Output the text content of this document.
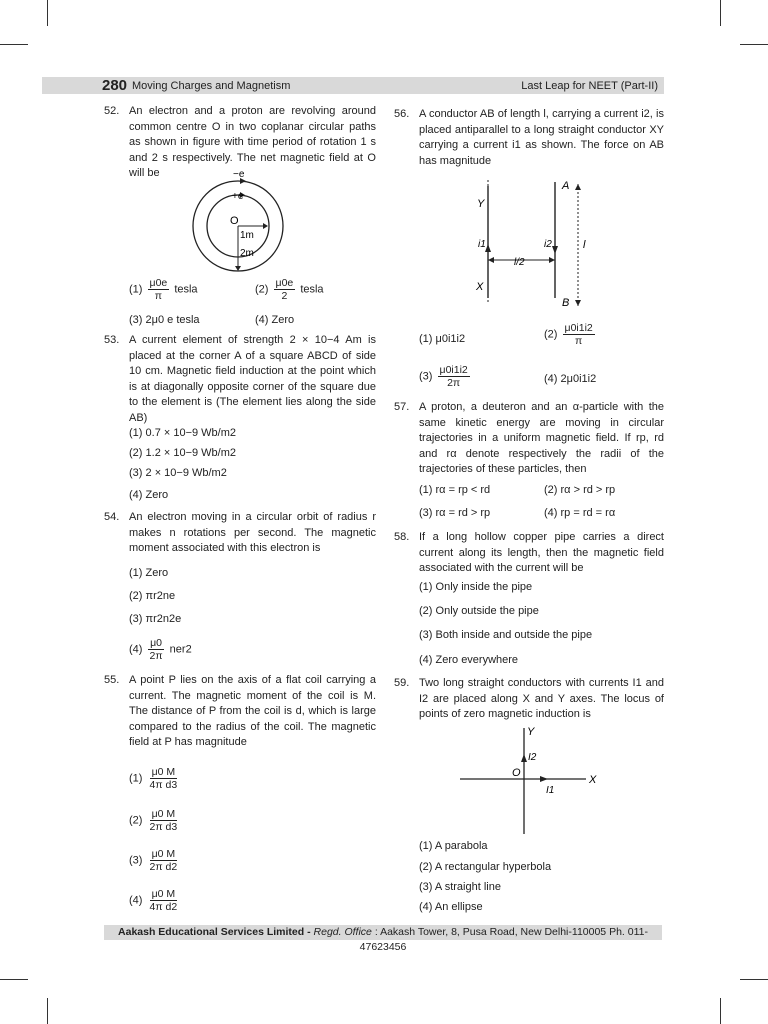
280 Moving Charges and Magnetism	Last Leap for NEET (Part-II)
52. An electron and a proton are revolving around common centre O in two coplanar circular paths as shown in figure with time period of rotation 1 s and 2 s respectively. The net magnetic field at O will be	−e
+e
O
1m
2m
$(1) \frac{\mu 0e}{\pi}$ tesla	$(2) \frac{\mu 0e}{2}$ tesla
(3) 2μ0 e tesla	(4) Zero
53. A current element of strength 2 × 10−4 Am is placed at the corner A of a square ABCD of side 10 cm. Magnetic field induction at the point which is at diagonally opposite corner of the square due to the element is (The element lies along the side AB)
(1) 0.7 × 10−9 Wb/m2
(2) 1.2 × 10−9 Wb/m2
(3) 2 × 10−9 Wb/m2
(4) Zero
54. An electron moving in a circular orbit of radius r makes n rotations per second. The magnetic moment associated with this electron is
(1) Zero
(2) πr2ne
(3) πr2n2e
$(4) \frac{\mu 0}{2\pi} ner2$
55. A point P lies on the axis of a flat coil carrying a current. The magnetic moment of the coil is M. The distance of P from the coil is d, which is large compared to the radius of the coil. The magnetic field at P has magnitude
$(1) \frac{\mu 0 M}{\text{4π d3}}$
$(2) \frac{\mu 0 M}{\text{2π d3}}$
$(3) \frac{\mu 0 M}{\text{2π d2}}$
$(4) \frac{\mu 0 M}{\text{4π d2}}$
56. A conductor AB of length l, carrying a current i2, is placed antiparallel to a long straight conductor XY carrying a current i1 as shown. The force on AB has magnitude
A
B
Y
X
i1	i2	l
l/2
(1) μ0i1i2	$(2) \frac{\mu 0i1i2}{\pi}$
$(3) \frac{\mu 0i1i2}{2\pi}$	(4) 2μ0i1i2
57. A proton, a deuteron and an α-particle with the same kinetic energy are moving in circular trajectories in a uniform magnetic field. If rp, rd and rα denote respectively the radii of the trajectories of these particles, then
(1) rα = rp < rd	(2) rα > rd > rp
(3) rα = rd > rp	(4) rp = rd = rα
58. If a long hollow copper pipe carries a direct current along its length, then the magnetic field associated with the current will be
(1) Only inside the pipe
(2) Only outside the pipe
(3) Both inside and outside the pipe
(4) Zero everywhere
59. Two long straight conductors with currents I1 and I2 are placed along X and Y axes. The locus of points of zero magnetic induction is
Y
X
O
I1
I2
(1) A parabola
(2) A rectangular hyperbola
(3) A straight line
(4) An ellipse
Aakash Educational Services Limited - Regd. Office : Aakash Tower, 8, Pusa Road, New Delhi-110005 Ph. 011-47623456
